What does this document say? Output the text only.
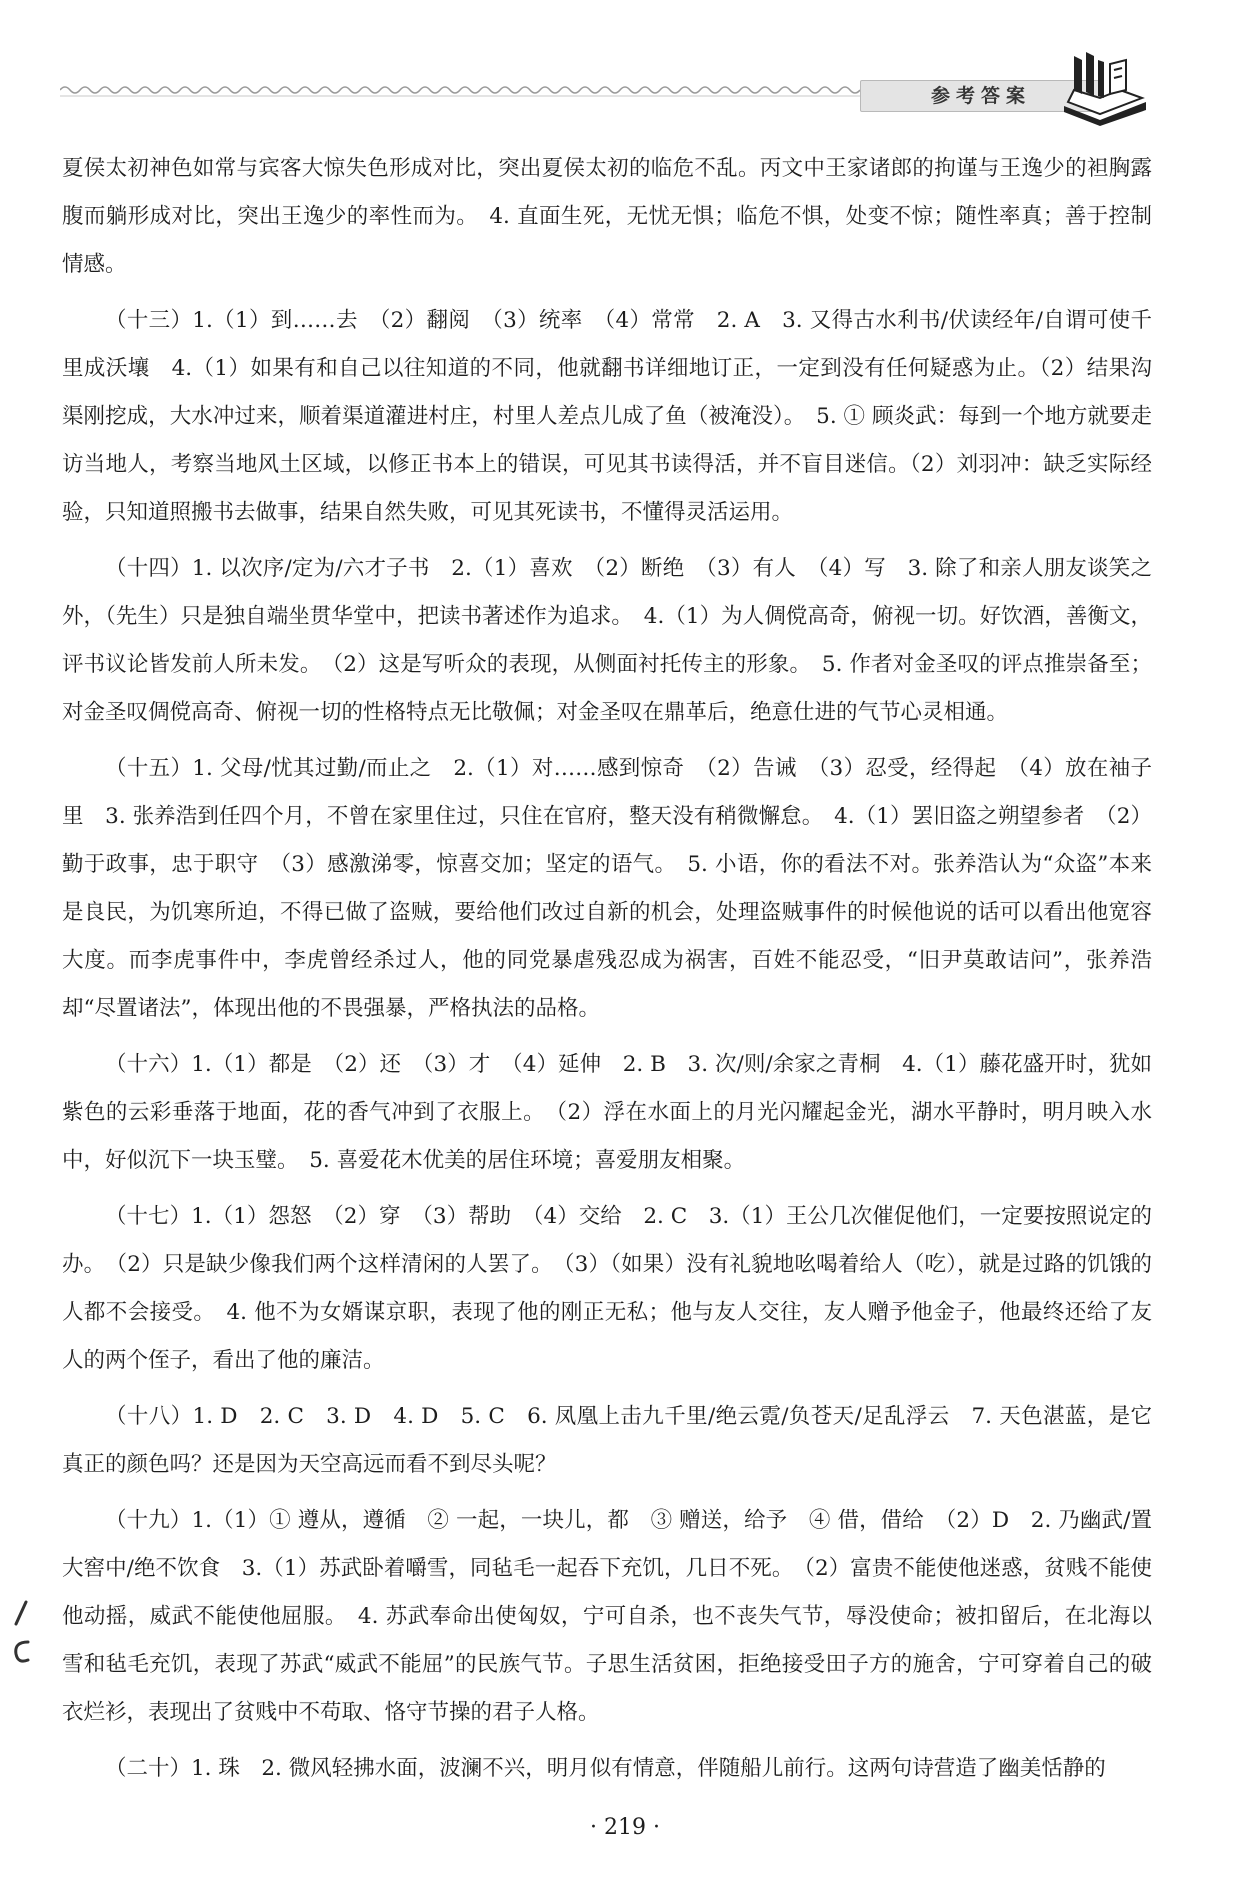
参考答案

夏侯太初神色如常与宾客大惊失色形成对比，突出夏侯太初的临危不乱。丙文中王家诸郎的拘谨与王逸少的袒胸露腹而躺形成对比，突出王逸少的率性而为。　4. 直面生死，无忧无惧；临危不惧，处变不惊；随性率真；善于控制情感。

（十三）1.（1）到……去　（2）翻阅　（3）统率　（4）常常　2. A　3. 又得古水利书/伏读经年/自谓可使千里成沃壤　4.（1）如果有和自己以往知道的不同，他就翻书详细地订正，一定到没有任何疑惑为止。（2）结果沟渠刚挖成，大水冲过来，顺着渠道灌进村庄，村里人差点儿成了鱼（被淹没）。　5. ① 顾炎武：每到一个地方就要走访当地人，考察当地风土区域，以修正书本上的错误，可见其书读得活，并不盲目迷信。（2）刘羽冲：缺乏实际经验，只知道照搬书去做事，结果自然失败，可见其死读书，不懂得灵活运用。

（十四）1. 以次序/定为/六才子书　2.（1）喜欢　（2）断绝　（3）有人　（4）写　3. 除了和亲人朋友谈笑之外，（先生）只是独自端坐贯华堂中，把读书著述作为追求。　4.（1）为人倜傥高奇，俯视一切。好饮酒，善衡文，评书议论皆发前人所未发。　（2）这是写听众的表现，从侧面衬托传主的形象。　5. 作者对金圣叹的评点推崇备至；对金圣叹倜傥高奇、俯视一切的性格特点无比敬佩；对金圣叹在鼎革后，绝意仕进的气节心灵相通。

（十五）1. 父母/忧其过勤/而止之　2.（1）对……感到惊奇　（2）告诫　（3）忍受，经得起　（4）放在袖子里　3. 张养浩到任四个月，不曾在家里住过，只住在官府，整天没有稍微懈怠。　4.（1）罢旧盗之朔望参者　（2）勤于政事，忠于职守　（3）感激涕零，惊喜交加；坚定的语气。　5. 小语，你的看法不对。张养浩认为“众盗”本来是良民，为饥寒所迫，不得已做了盗贼，要给他们改过自新的机会，处理盗贼事件的时候他说的话可以看出他宽容大度。而李虎事件中，李虎曾经杀过人，他的同党暴虐残忍成为祸害，百姓不能忍受，“旧尹莫敢诘问”，张养浩却“尽置诸法”，体现出他的不畏强暴，严格执法的品格。

（十六）1.（1）都是　（2）还　（3）才　（4）延伸　2. B　3. 次/则/余家之青桐　4.（1）藤花盛开时，犹如紫色的云彩垂落于地面，花的香气冲到了衣服上。　（2）浮在水面上的月光闪耀起金光，湖水平静时，明月映入水中，好似沉下一块玉璧。　5. 喜爱花木优美的居住环境；喜爱朋友相聚。

（十七）1.（1）怨怒　（2）穿　（3）帮助　（4）交给　2. C　3.（1）王公几次催促他们，一定要按照说定的办。　（2）只是缺少像我们两个这样清闲的人罢了。　（3）（如果）没有礼貌地吆喝着给人（吃），就是过路的饥饿的人都不会接受。　4. 他不为女婿谋京职，表现了他的刚正无私；他与友人交往，友人赠予他金子，他最终还给了友人的两个侄子，看出了他的廉洁。

（十八）1. D　2. C　3. D　4. D　5. C　6. 凤凰上击九千里/绝云霓/负苍天/足乱浮云　7. 天色湛蓝，是它真正的颜色吗？还是因为天空高远而看不到尽头呢？

（十九）1.（1）① 遵从，遵循　② 一起，一块儿，都　③ 赠送，给予　④ 借，借给　（2）D　2. 乃幽武/置大窖中/绝不饮食　3.（1）苏武卧着嚼雪，同毡毛一起吞下充饥，几日不死。　（2）富贵不能使他迷惑，贫贱不能使他动摇，威武不能使他屈服。　4. 苏武奉命出使匈奴，宁可自杀，也不丧失气节，辱没使命；被扣留后，在北海以雪和毡毛充饥，表现了苏武“威武不能屈”的民族气节。子思生活贫困，拒绝接受田子方的施舍，宁可穿着自己的破衣烂衫，表现出了贫贱中不苟取、恪守节操的君子人格。

（二十）1. 珠　2. 微风轻拂水面，波澜不兴，明月似有情意，伴随船儿前行。这两句诗营造了幽美恬静的

· 219 ·
